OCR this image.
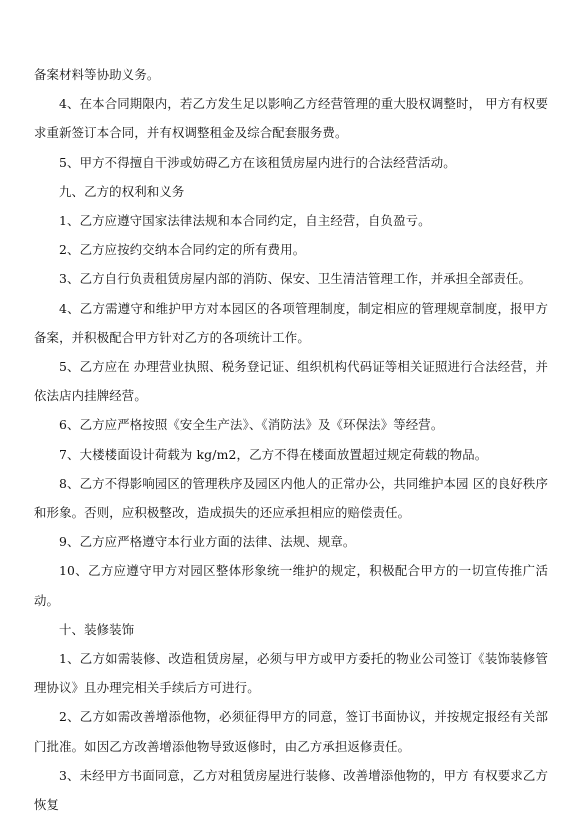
备案材料等协助义务。

4、在本合同期限内，若乙方发生足以影响乙方经营管理的重大股权调整时， 甲方有权要求重新签订本合同，并有权调整租金及综合配套服务费。

5、甲方不得擅自干涉或妨碍乙方在该租赁房屋内进行的合法经营活动。

九、乙方的权利和义务

1、乙方应遵守国家法律法规和本合同约定，自主经营，自负盈亏。

2、乙方应按约交纳本合同约定的所有费用。

3、乙方自行负责租赁房屋内部的消防、保安、卫生清洁管理工作，并承担全部责任。

4、乙方需遵守和维护甲方对本园区的各项管理制度，制定相应的管理规章制度，报甲方备案，并积极配合甲方针对乙方的各项统计工作。

5、乙方应在 办理营业执照、税务登记证、组织机构代码证等相关证照进行合法经营，并依法店内挂牌经营。

6、乙方应严格按照《安全生产法》、《消防法》及《环保法》等经营。

7、大楼楼面设计荷载为 kg/m2，乙方不得在楼面放置超过规定荷载的物品。

8、乙方不得影响园区的管理秩序及园区内他人的正常办公，共同维护本园 区的良好秩序和形象。否则，应积极整改，造成损失的还应承担相应的赔偿责任。

9、乙方应严格遵守本行业方面的法律、法规、规章。

10、乙方应遵守甲方对园区整体形象统一维护的规定，积极配合甲方的一切宣传推广活动。

十、装修装饰

1、乙方如需装修、改造租赁房屋，必须与甲方或甲方委托的物业公司签订《装饰装修管理协议》且办理完相关手续后方可进行。

2、乙方如需改善增添他物，必须征得甲方的同意，签订书面协议，并按规定报经有关部门批准。如因乙方改善增添他物导致返修时，由乙方承担返修责任。

3、未经甲方书面同意，乙方对租赁房屋进行装修、改善增添他物的，甲方 有权要求乙方恢复
